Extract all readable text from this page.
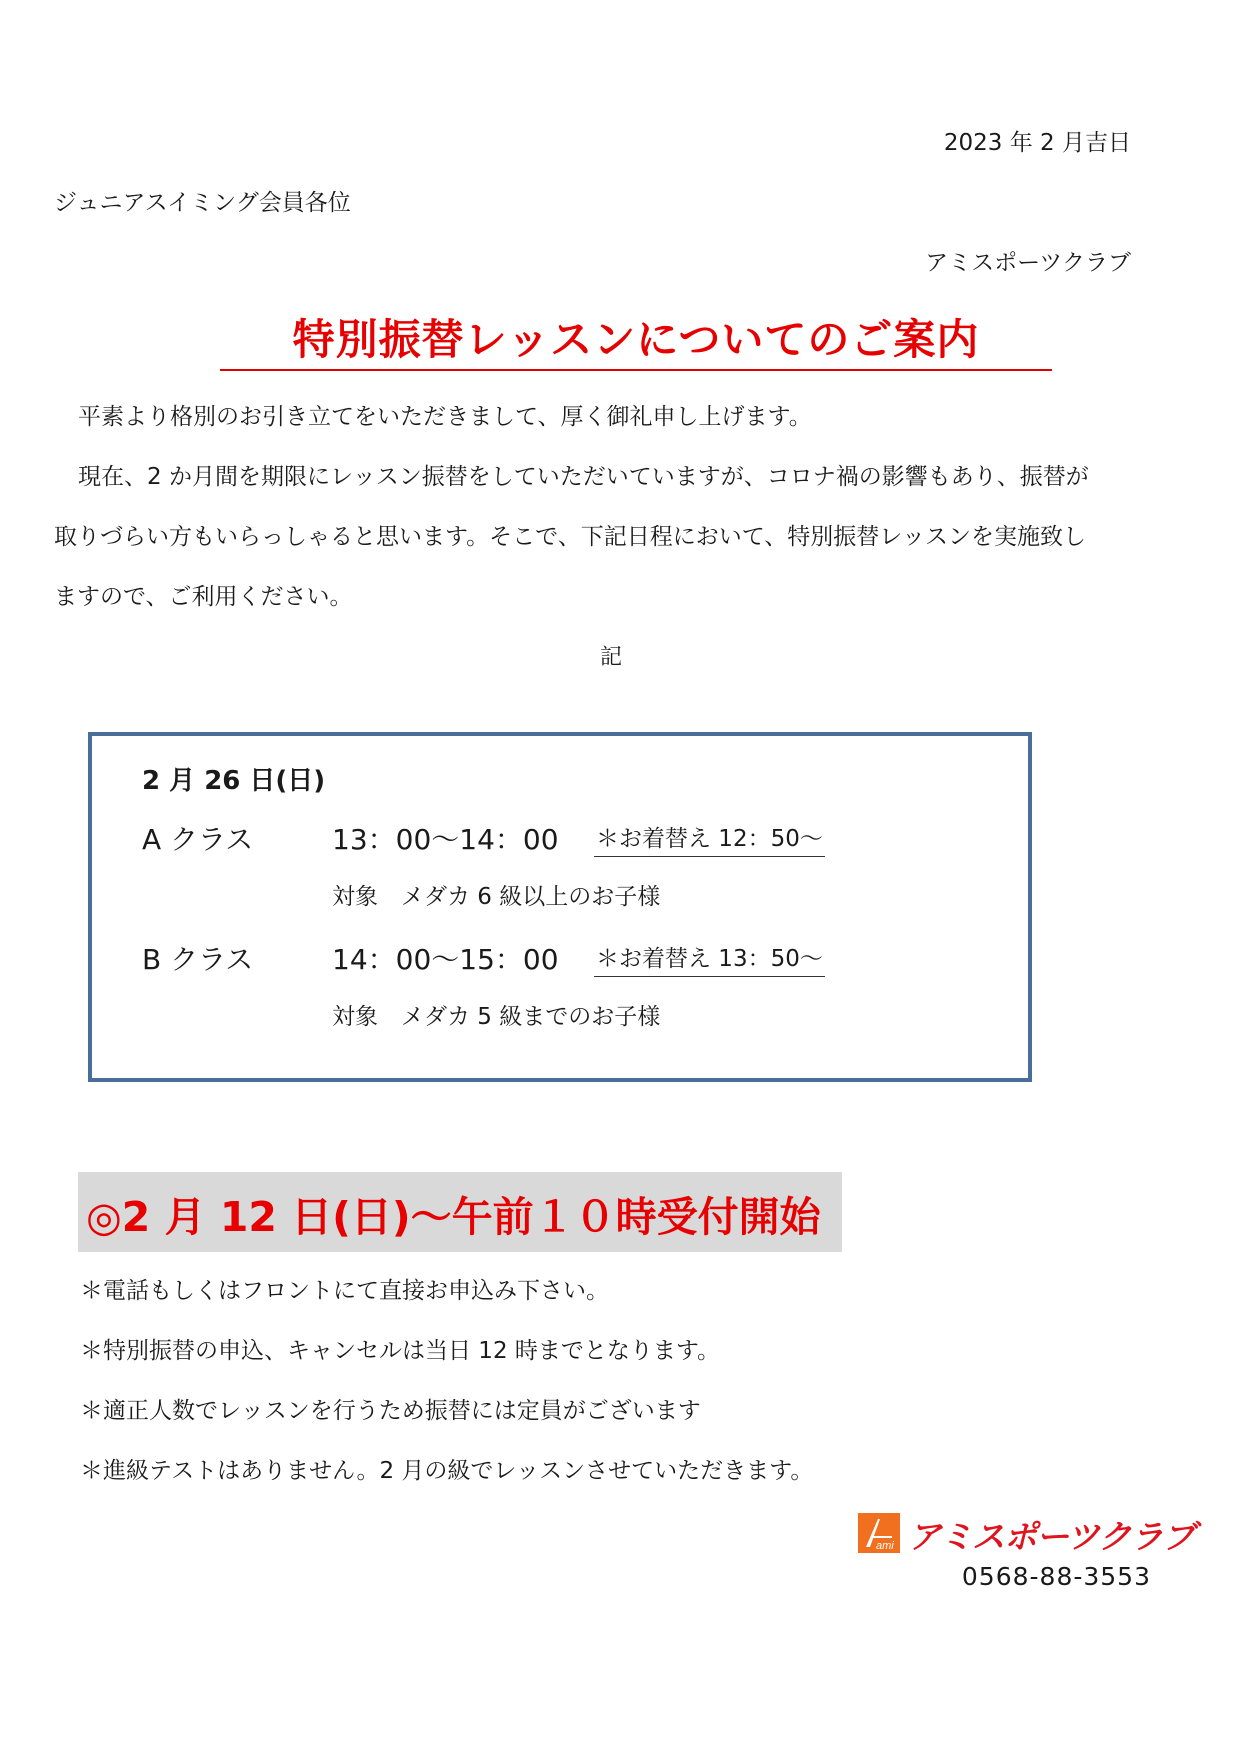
2023 年 2 月吉日
ジュニアスイミング会員各位
アミスポーツクラブ
特別振替レッスンについてのご案内
平素より格別のお引き立てをいただきまして、厚く御礼申し上げます。
現在、2 か月間を期限にレッスン振替をしていただいていますが、コロナ禍の影響もあり、振替が
取りづらい方もいらっしゃると思います。そこで、下記日程において、特別振替レッスンを実施致し
ますので、ご利用ください。
記
2 月 26 日(日)
A クラス	13：00～14：00 ＊お着替え 12：50～
対象　メダカ 6 級以上のお子様
B クラス	14：00～15：00 ＊お着替え 13：50～
対象　メダカ 5 級までのお子様
◎2 月 12 日(日)～午前１０時受付開始
＊電話もしくはフロントにて直接お申込み下さい。
＊特別振替の申込、キャンセルは当日 12 時までとなります。
＊適正人数でレッスンを行うため振替には定員がございます
＊進級テストはありません。2 月の級でレッスンさせていただきます。
ami アミスポーツクラブ
0568-88-3553
